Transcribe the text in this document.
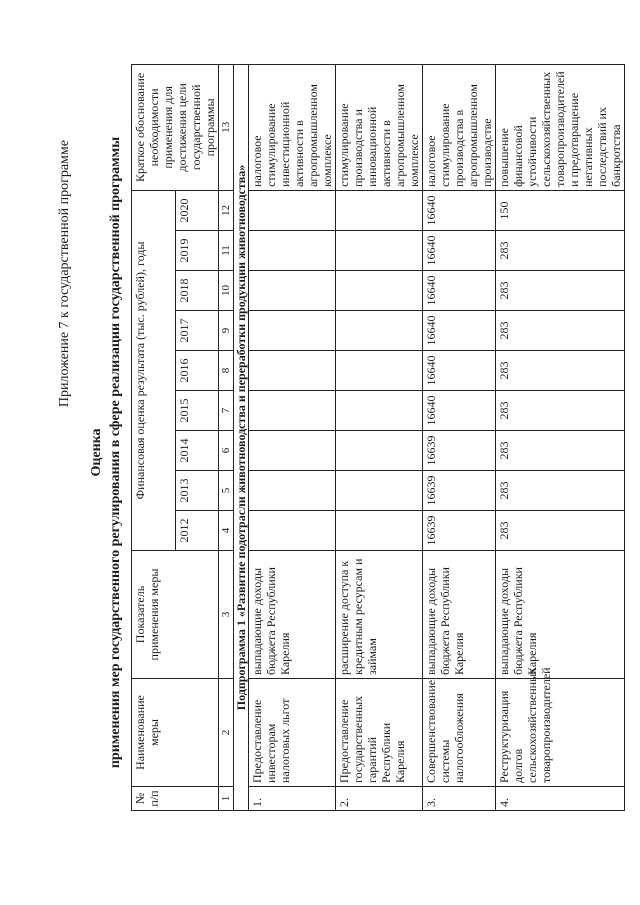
Приложение 7 к государственной программе
Оценка применения мер государственного регулирования в сфере реализации государственной программы
№ п/п	Наименование меры	Показатель применения меры	Финансовая оценка результата (тыс. рублей), годы									Краткое обоснование необходимости применения для достижения цели государственной программы
			2012	2013	2014	2015	2016	2017	2018	2019	2020	
1	2	3	4	5	6	7	8	9	10	11	12	13
Подпрограмма 1 «Развитие подотрасли животноводства и переработки продукции животноводства»												
1.	Предоставление инвесторам налоговых льгот	выпадающие доходы бюджета Республики Карелия										налоговое стимулирование инвестиционной активности в агропромышленном комплексе
2.	Предоставление государственных гарантий Республики Карелия	расширение доступа к кредитным ресурсам и займам										стимулирование производства и инновационной активности в агропромышленном комплексе
3.	Совершенствование системы налогообложения	выпадающие доходы бюджета Республики Карелия	16639	16639	16639	16640	16640	16640	16640	16640	16640	налоговое стимулирование производства в агропромышленном производстве
4.	Реструктуризация долгов сельскохозяйственных товаропроизводителей	выпадающие доходы бюджета Республики Карелия	283	283	283	283	283	283	283	283	150	повышение финансовой устойчивости сельскохозяйственных товаропроизводителей и предотвращение негативных последствий их банкротства
